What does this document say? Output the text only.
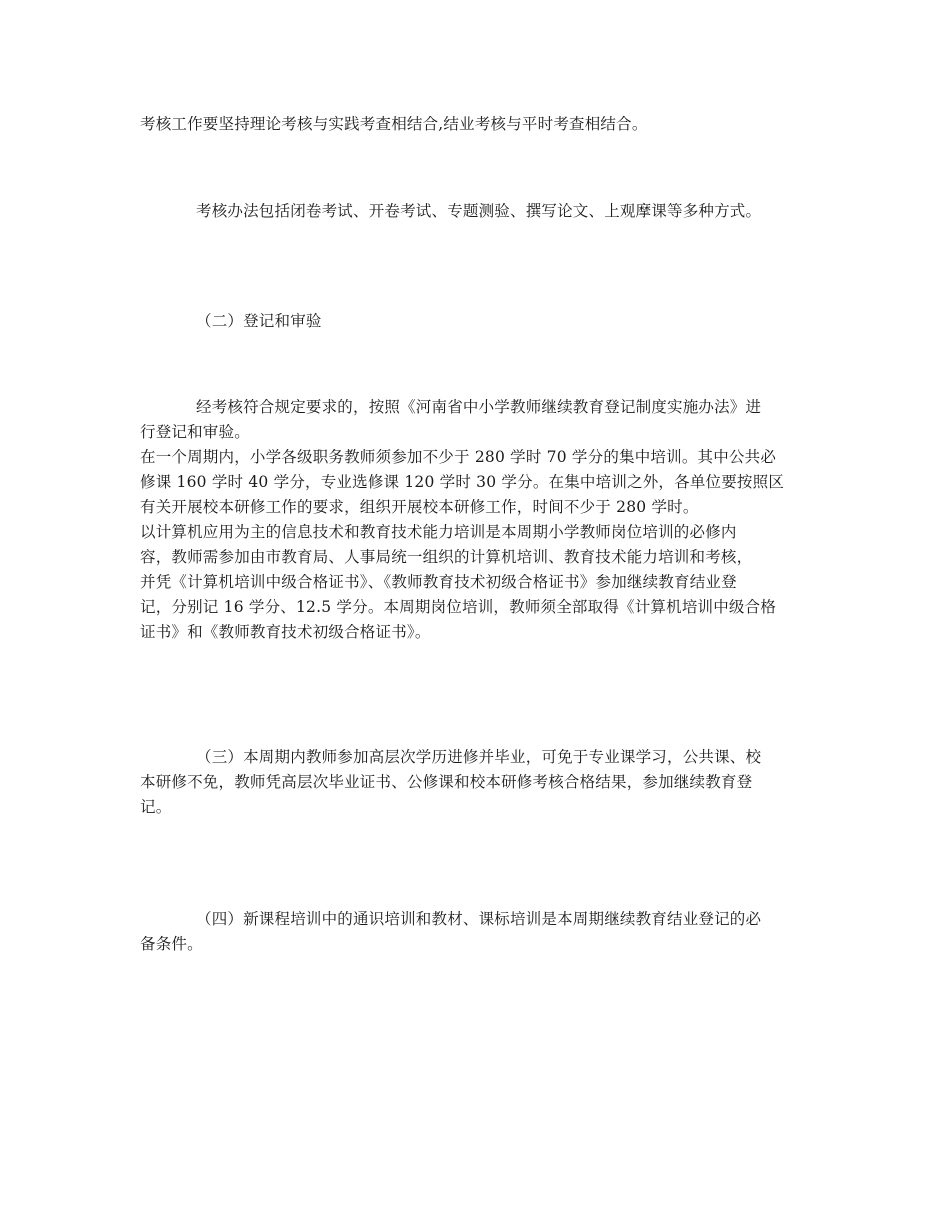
考核工作要坚持理论考核与实践考查相结合,结业考核与平时考查相结合。

考核办法包括闭卷考试、开卷考试、专题测验、撰写论文、上观摩课等多种方式。

（二）登记和审验

经考核符合规定要求的，按照《河南省中小学教师继续教育登记制度实施办法》进
行登记和审验。
在一个周期内，小学各级职务教师须参加不少于 280 学时 70 学分的集中培训。其中公共必
修课 160 学时 40 学分，专业选修课 120 学时 30 学分。在集中培训之外，各单位要按照区
有关开展校本研修工作的要求，组织开展校本研修工作，时间不少于 280 学时。
以计算机应用为主的信息技术和教育技术能力培训是本周期小学教师岗位培训的必修内
容，教师需参加由市教育局、人事局统一组织的计算机培训、教育技术能力培训和考核，
并凭《计算机培训中级合格证书》、《教师教育技术初级合格证书》参加继续教育结业登
记，分别记 16 学分、12.5 学分。本周期岗位培训，教师须全部取得《计算机培训中级合格
证书》和《教师教育技术初级合格证书》。

（三）本周期内教师参加高层次学历进修并毕业，可免于专业课学习，公共课、校
本研修不免，教师凭高层次毕业证书、公修课和校本研修考核合格结果，参加继续教育登
记。

（四）新课程培训中的通识培训和教材、课标培训是本周期继续教育结业登记的必
备条件。
